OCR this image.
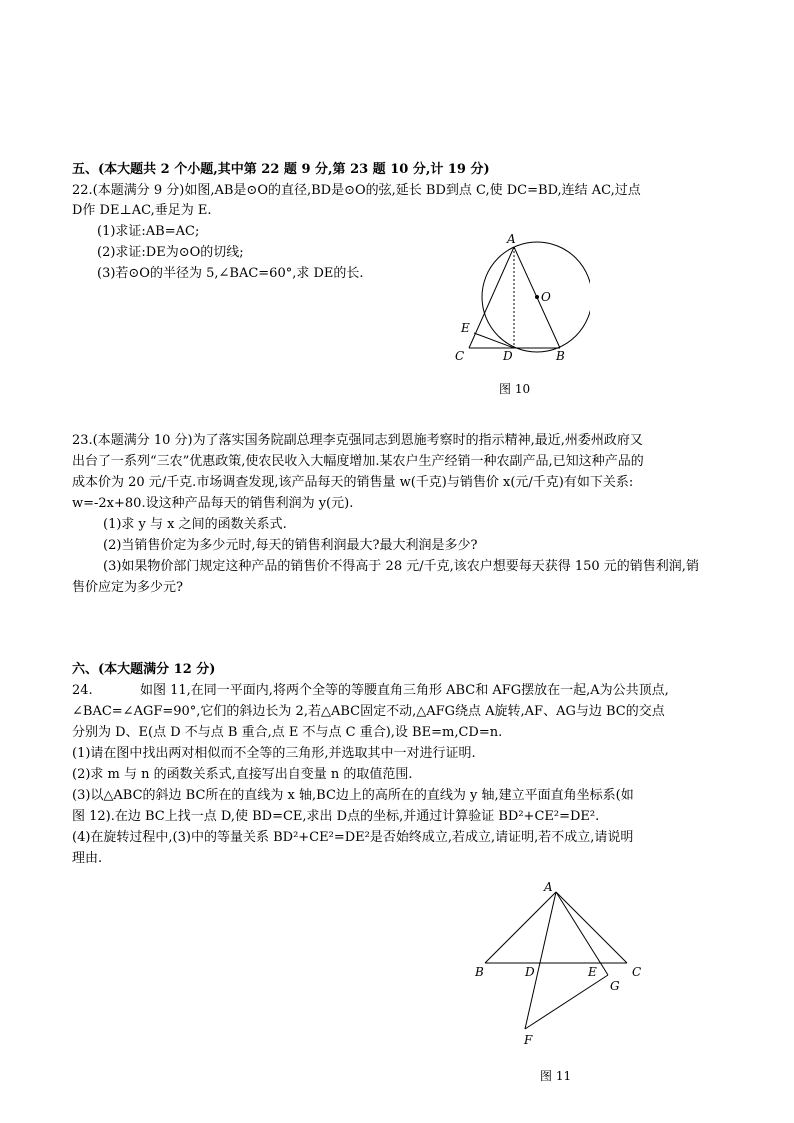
五、(本大题共 2 个小题,其中第 22 题 9 分,第 23 题 10 分,计 19 分)
22.(本题满分 9 分)如图,AB是⊙O的直径,BD是⊙O的弦,延长 BD到点 C,使 DC=BD,连结 AC,过点
D作 DE⊥AC,垂足为 E.
(1)求证:AB=AC;
(2)求证:DE为⊙O的切线;
(3)若⊙O的半径为 5,∠BAC=60°,求 DE的长.
A
O
E
C	D	B
图 10
23.(本题满分 10 分)为了落实国务院副总理李克强同志到恩施考察时的指示精神,最近,州委州政府又
出台了一系列“三农”优惠政策,使农民收入大幅度增加.某农户生产经销一种农副产品,已知这种产品的
成本价为 20 元/千克.市场调查发现,该产品每天的销售量 w(千克)与销售价 x(元/千克)有如下关系:
w=-2x+80.设这种产品每天的销售利润为 y(元).
(1)求 y 与 x 之间的函数关系式.
(2)当销售价定为多少元时,每天的销售利润最大?最大利润是多少?
(3)如果物价部门规定这种产品的销售价不得高于 28 元/千克,该农户想要每天获得 150 元的销售利润,销
售价应定为多少元?
六、(本大题满分 12 分)
24.	如图 11,在同一平面内,将两个全等的等腰直角三角形 ABC和 AFG摆放在一起,A为公共顶点,
∠BAC=∠AGF=90°,它们的斜边长为 2,若△ABC固定不动,△AFG绕点 A旋转,AF、AG与边 BC的交点
分别为 D、E(点 D 不与点 B 重合,点 E 不与点 C 重合),设 BE=m,CD=n.
(1)请在图中找出两对相似而不全等的三角形,并选取其中一对进行证明.
(2)求 m 与 n 的函数关系式,直接写出自变量 n 的取值范围.
(3)以△ABC的斜边 BC所在的直线为 x 轴,BC边上的高所在的直线为 y 轴,建立平面直角坐标系(如
图 12).在边 BC上找一点 D,使 BD=CE,求出 D点的坐标,并通过计算验证 BD²+CE²=DE².
(4)在旋转过程中,(3)中的等量关系 BD²+CE²=DE²是否始终成立,若成立,请证明,若不成立,请说明
理由.
A
B	D	E	C
G
F
图 11
